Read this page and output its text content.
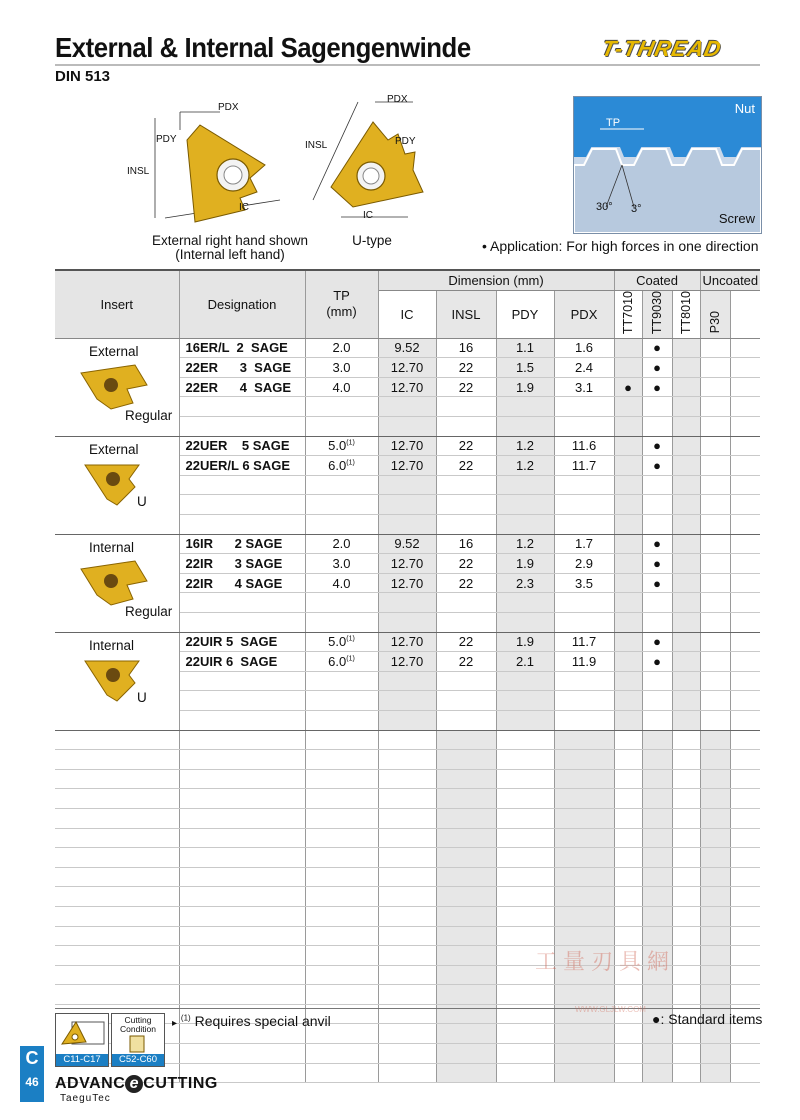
External & Internal Sagengenwinde	T-THREAD
DIN 513
PDX
PDY
INSL
IC
External right hand shown
(Internal left hand)
PDX
PDY
INSL
IC
U-type
Nut
TP
30° 3°
Screw
• Application: For high forces in one direction
Insert	Designation	TP
(mm)	Dimension (mm)				Coated			Uncoated	
			IC	INSL	PDY	PDX	TT7010	TT9030	TT8010	P30	

External
Regular	16ER/L  2  SAGE	2.0	9.52	16	1.1	1.6		●			
	22ER      3  SAGE	3.0	12.70	22	1.5	2.4		●			
	22ER      4  SAGE	4.0	12.70	22	1.9	3.1	●	●			

External
U	22UER    5 SAGE	5.0$^{(1)}$	12.70	22	1.2	11.6		●			
	22UER/L 6 SAGE	6.0$^{(1)}$	12.70	22	1.2	11.7		●			

Internal
Regular	16IR      2 SAGE	2.0	9.52	16	1.2	1.7		●			
	22IR      3 SAGE	3.0	12.70	22	1.9	2.9		●			
	22IR      4 SAGE	4.0	12.70	22	2.3	3.5		●			

Internal
U	22UIR 5  SAGE	5.0$^{(1)}$	12.70	22	1.9	11.7		●			
	22UIR 6  SAGE	6.0$^{(1)}$	12.70	22	2.1	11.9		●			

▸ $^{(1)}$ Requires special anvil	●: Standard items
C11-C17
Cutting Condition
C52-C60
C
46	ADVANC e CUTTING
TaeguTec
工量刃具網
WWW.GLJLW.COM
